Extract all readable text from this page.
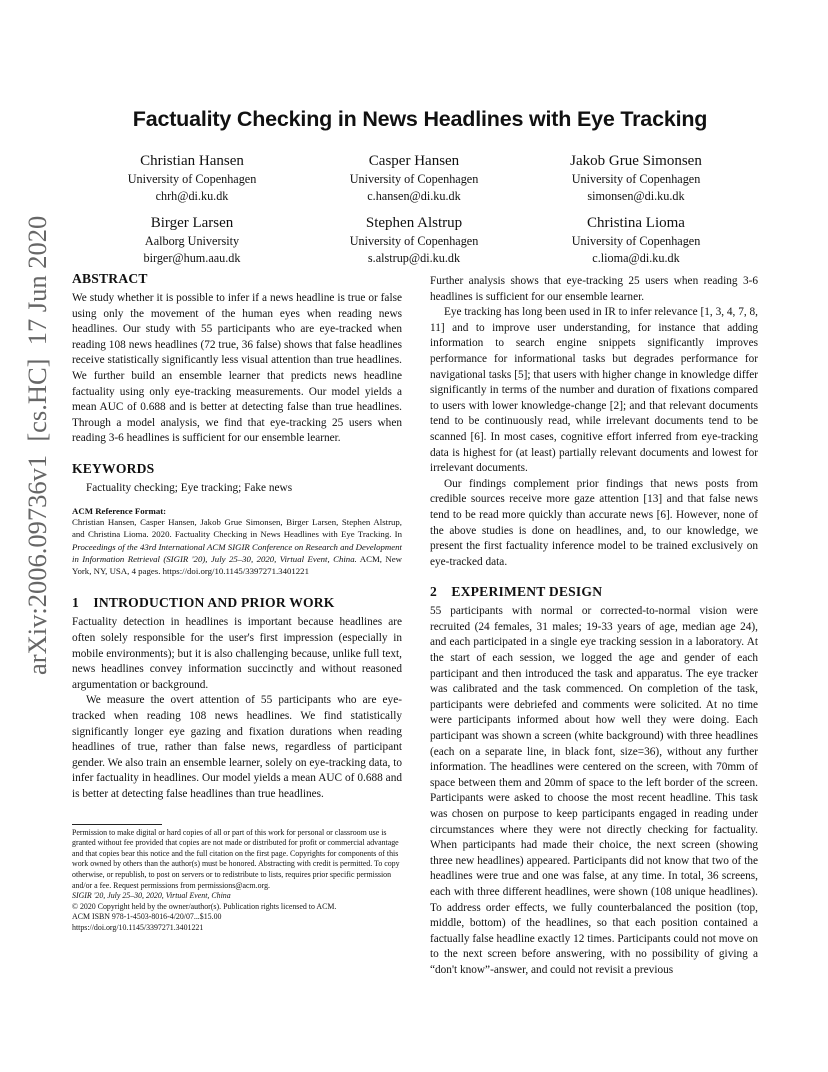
arXiv:2006.09736v1  [cs.HC]  17 Jun 2020
Factuality Checking in News Headlines with Eye Tracking
Christian Hansen
University of Copenhagen
chrh@di.ku.dk
Casper Hansen
University of Copenhagen
c.hansen@di.ku.dk
Jakob Grue Simonsen
University of Copenhagen
simonsen@di.ku.dk
Birger Larsen
Aalborg University
birger@hum.aau.dk
Stephen Alstrup
University of Copenhagen
s.alstrup@di.ku.dk
Christina Lioma
University of Copenhagen
c.lioma@di.ku.dk
ABSTRACT

We study whether it is possible to infer if a news headline is true or false using only the movement of the human eyes when reading news headlines. Our study with 55 participants who are eye-tracked when reading 108 news headlines (72 true, 36 false) shows that false headlines receive statistically significantly less visual attention than true headlines. We further build an ensemble learner that predicts news headline factuality using only eye-tracking measurements. Our model yields a mean AUC of 0.688 and is better at detecting false than true headlines. Through a model analysis, we find that eye-tracking 25 users when reading 3-6 headlines is sufficient for our ensemble learner.

KEYWORDS

Factuality checking; Eye tracking; Fake news

ACM Reference Format:

Christian Hansen, Casper Hansen, Jakob Grue Simonsen, Birger Larsen, Stephen Alstrup, and Christina Lioma. 2020. Factuality Checking in News Headlines with Eye Tracking. In Proceedings of the 43rd International ACM SIGIR Conference on Research and Development in Information Retrieval (SIGIR '20), July 25–30, 2020, Virtual Event, China. ACM, New York, NY, USA, 4 pages. https://doi.org/10.1145/3397271.3401221

1    INTRODUCTION AND PRIOR WORK

Factuality detection in headlines is important because headlines are often solely responsible for the user's first impression (especially in mobile environments); but it is also challenging because, unlike full text, news headlines convey information succinctly and without reasoned argumentation or background.

We measure the overt attention of 55 participants who are eye-tracked when reading 108 news headlines. We find statistically significantly longer eye gazing and fixation durations when reading headlines of true, rather than false news, regardless of participant gender. We also train an ensemble learner, solely on eye-tracking data, to infer factuality in headlines. Our model yields a mean AUC of 0.688 and is better at detecting false headlines than true headlines.

Permission to make digital or hard copies of all or part of this work for personal or classroom use is granted without fee provided that copies are not made or distributed for profit or commercial advantage and that copies bear this notice and the full citation on the first page. Copyrights for components of this work owned by others than the author(s) must be honored. Abstracting with credit is permitted. To copy otherwise, or republish, to post on servers or to redistribute to lists, requires prior specific permission and/or a fee. Request permissions from permissions@acm.org.

SIGIR '20, July 25–30, 2020, Virtual Event, China

© 2020 Copyright held by the owner/author(s). Publication rights licensed to ACM.

ACM ISBN 978-1-4503-8016-4/20/07...$15.00

https://doi.org/10.1145/3397271.3401221

Further analysis shows that eye-tracking 25 users when reading 3-6 headlines is sufficient for our ensemble learner.

Eye tracking has long been used in IR to infer relevance [1, 3, 4, 7, 8, 11] and to improve user understanding, for instance that adding information to search engine snippets significantly improves performance for informational tasks but degrades performance for navigational tasks [5]; that users with higher change in knowledge differ significantly in terms of the number and duration of fixations compared to users with lower knowledge-change [2]; and that relevant documents tend to be continuously read, while irrelevant documents tend to be scanned [6]. In most cases, cognitive effort inferred from eye-tracking data is highest for (at least) partially relevant documents and lowest for irrelevant documents.

Our findings complement prior findings that news posts from credible sources receive more gaze attention [13] and that false news tend to be read more quickly than accurate news [6]. However, none of the above studies is done on headlines, and, to our knowledge, we present the first factuality inference model to be trained exclusively on eye-tracked data.

2    EXPERIMENT DESIGN

55 participants with normal or corrected-to-normal vision were recruited (24 females, 31 males; 19-33 years of age, median age 24), and each participated in a single eye tracking session in a laboratory. At the start of each session, we logged the age and gender of each participant and then introduced the task and apparatus. The eye tracker was calibrated and the task commenced. On completion of the task, participants were debriefed and comments were solicited. At no time were participants informed about how well they were doing. Each participant was shown a screen (white background) with three headlines (each on a separate line, in black font, size=36), without any further information. The headlines were centered on the screen, with 70mm of space between them and 20mm of space to the left border of the screen. Participants were asked to choose the most recent headline. This task was chosen on purpose to keep participants engaged in reading under circumstances where they were not directly checking for factuality. When participants had made their choice, the next screen (showing three new headlines) appeared. Participants did not know that two of the headlines were true and one was false, at any time. In total, 36 screens, each with three different headlines, were shown (108 unique headlines). To address order effects, we fully counterbalanced the position (top, middle, bottom) of the headlines, so that each position contained a factually false headline exactly 12 times. Participants could not move on to the next screen before answering, with no possibility of giving a “don't know”-answer, and could not revisit a previous
